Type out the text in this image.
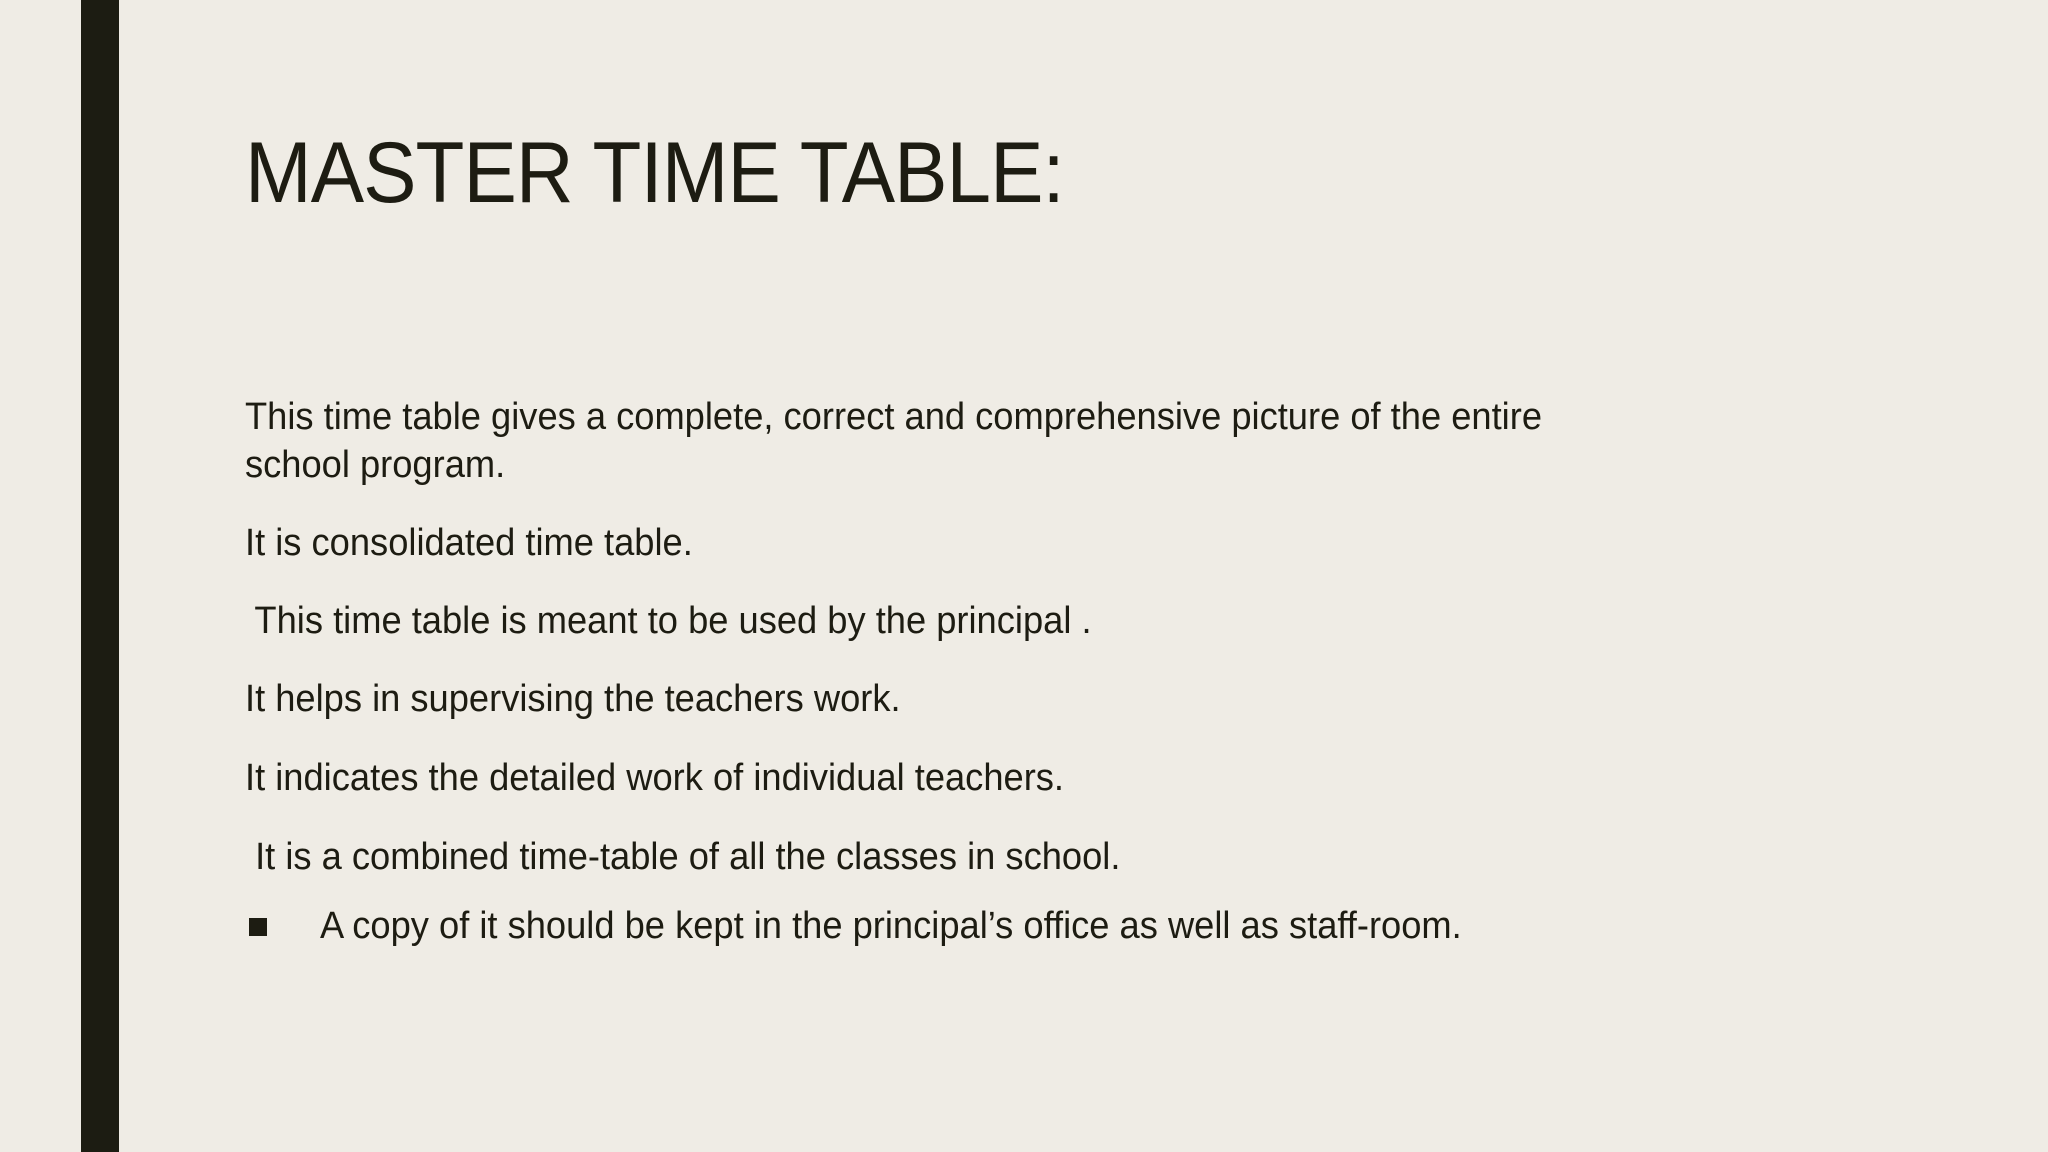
MASTER TIME TABLE:
This time table gives a complete, correct and comprehensive picture of the entire
school program.

It is consolidated time table.

This time table is meant to be used by the principal .

It helps in supervising the teachers work.

It indicates the detailed work of individual teachers.

It is a combined time-table of all the classes in school.

A copy of it should be kept in the principal’s office as well as staff-room.
